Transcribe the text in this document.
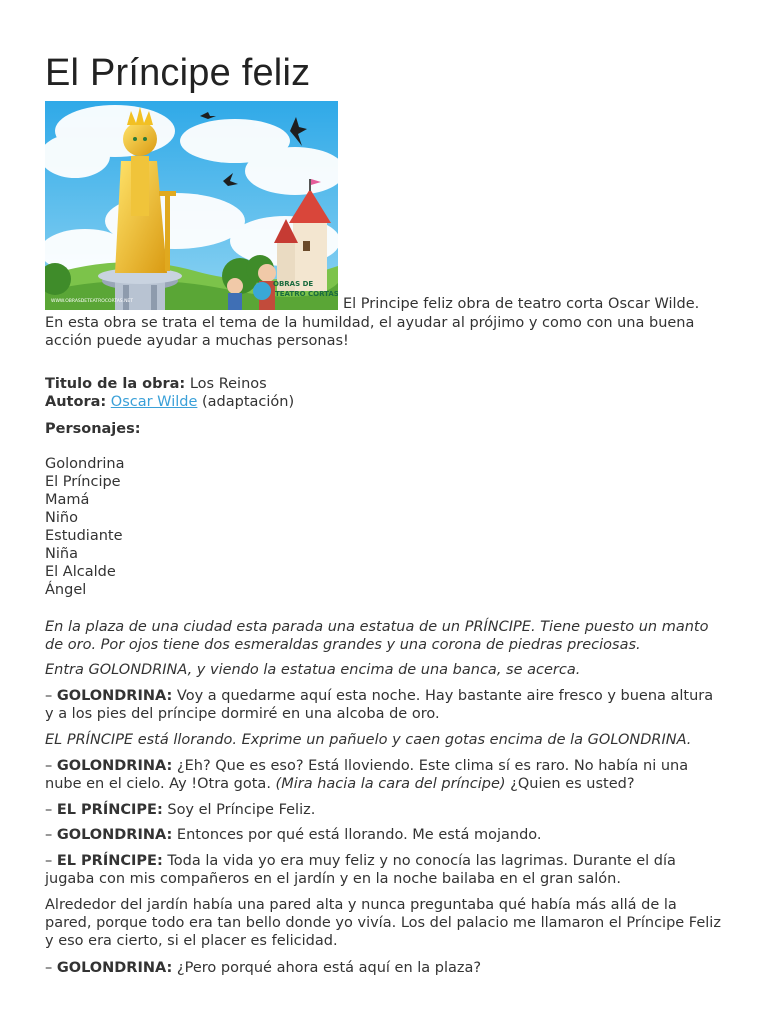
El Príncipe feliz
OBRAS DE
TEATRO CORTAS
WWW.OBRASDETEATROCORTAS.NET	El Principe feliz obra de teatro corta Oscar Wilde.
En esta obra se trata el tema de la humildad, el ayudar al prójimo y como con una buena
acción puede ayudar a muchas personas!
Titulo de la obra: Los Reinos
Autora: Oscar Wilde (adaptación)
Personajes:
Golondrina
El Príncipe
Mamá
Niño
Estudiante
Niña
El Alcalde
Ángel

En la plaza de una ciudad esta parada una estatua de un PRÍNCIPE. Tiene puesto un manto

de oro. Por ojos tiene dos esmeraldas grandes y una corona de piedras preciosas.

Entra GOLONDRINA, y viendo la estatua encima de una banca, se acerca.

– GOLONDRINA: Voy a quedarme aquí esta noche. Hay bastante aire fresco y buena altura

y a los pies del príncipe dormiré en una alcoba de oro.

EL PRÍNCIPE está llorando. Exprime un pañuelo y caen gotas encima de la GOLONDRINA.

– GOLONDRINA: ¿Eh? Que es eso? Está lloviendo. Este clima sí es raro. No había ni una

nube en el cielo. Ay !Otra gota. (Mira hacia la cara del príncipe) ¿Quien es usted?

– EL PRÍNCIPE: Soy el Príncipe Feliz.
– GOLONDRINA: Entonces por qué está llorando. Me está mojando.

– EL PRÍNCIPE: Toda la vida yo era muy feliz y no conocía las lagrimas. Durante el día

jugaba con mis compañeros en el jardín y en la noche bailaba en el gran salón.

Alrededor del jardín había una pared alta y nunca preguntaba qué había más allá de la

pared, porque todo era tan bello donde yo vivía. Los del palacio me llamaron el Príncipe Feliz

y eso era cierto, si el placer es felicidad.

– GOLONDRINA: ¿Pero porqué ahora está aquí en la plaza?
